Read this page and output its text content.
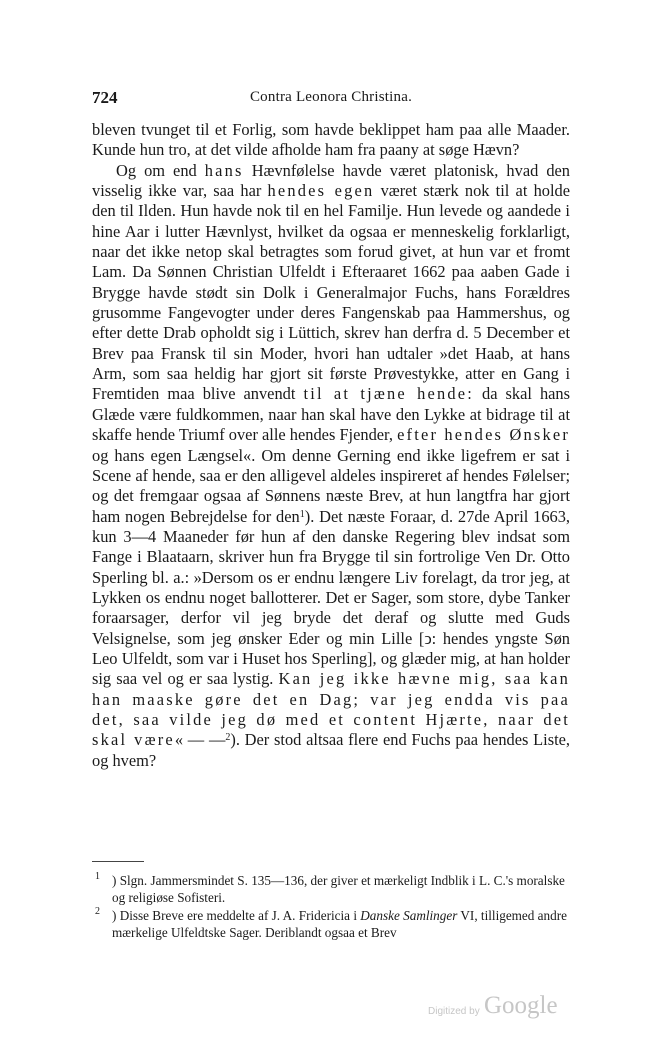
724	Contra Leonora Christina.

bleven tvunget til et Forlig, som havde beklippet ham paa alle Maader. Kunde hun tro, at det vilde afholde ham fra paany at søge Hævn?

Og om end hans Hævnfølelse havde været platonisk, hvad den visselig ikke var, saa har hendes egen været stærk nok til at holde den til Ilden. Hun havde nok til en hel Familje. Hun levede og aandede i hine Aar i lutter Hævnlyst, hvilket da ogsaa er menneskelig forklarligt, naar det ikke netop skal betragtes som forud givet, at hun var et fromt Lam. Da Sønnen Christian Ulfeldt i Efteraaret 1662 paa aaben Gade i Brygge havde stødt sin Dolk i Generalmajor Fuchs, hans Forældres grusomme Fangevogter under deres Fangenskab paa Hammershus, og efter dette Drab opholdt sig i Lüttich, skrev han derfra d. 5 December et Brev paa Fransk til sin Moder, hvori han udtaler »det Haab, at hans Arm, som saa heldig har gjort sit første Prøvestykke, atter en Gang i Fremtiden maa blive anvendt til at tjæne hende: da skal hans Glæde være fuldkommen, naar han skal have den Lykke at bidrage til at skaffe hende Triumf over alle hendes Fjender, efter hendes Ønsker og hans egen Længsel«. Om denne Gerning end ikke ligefrem er sat i Scene af hende, saa er den alligevel aldeles inspireret af hendes Følelser; og det fremgaar ogsaa af Sønnens næste Brev, at hun langtfra har gjort ham nogen Bebrejdelse for den$^1$). Det næste Foraar, d. 27de April 1663, kun 3—4 Maaneder før hun af den danske Regering blev indsat som Fange i Blaataarn, skriver hun fra Brygge til sin fortrolige Ven Dr. Otto Sperling bl. a.: »Dersom os er endnu længere Liv forelagt, da tror jeg, at Lykken os endnu noget ballotterer. Det er Sager, som store, dybe Tanker foraarsager, derfor vil jeg bryde det deraf og slutte med Guds Velsignelse, som jeg ønsker Eder og min Lille [ↄ: hendes yngste Søn Leo Ulfeldt, som var i Huset hos Sperling], og glæder mig, at han holder sig saa vel og er saa lystig. Kan jeg ikke hævne mig, saa kan han maaske gøre det en Dag; var jeg endda vis paa det, saa vilde jeg dø med et content Hjærte, naar det skal være« — —$^2$). Der stod altsaa flere end Fuchs paa hendes Liste, og hvem?

1 ) Slgn. Jammersmindet S. 135—136, der giver et mærkeligt Indblik i L. C.'s moralske og religiøse Sofisteri.

2 ) Disse Breve ere meddelte af J. A. Fridericia i Danske Samlinger VI, tilligemed andre mærkelige Ulfeldtske Sager. Deriblandt ogsaa et Brev

Digitized by Google
